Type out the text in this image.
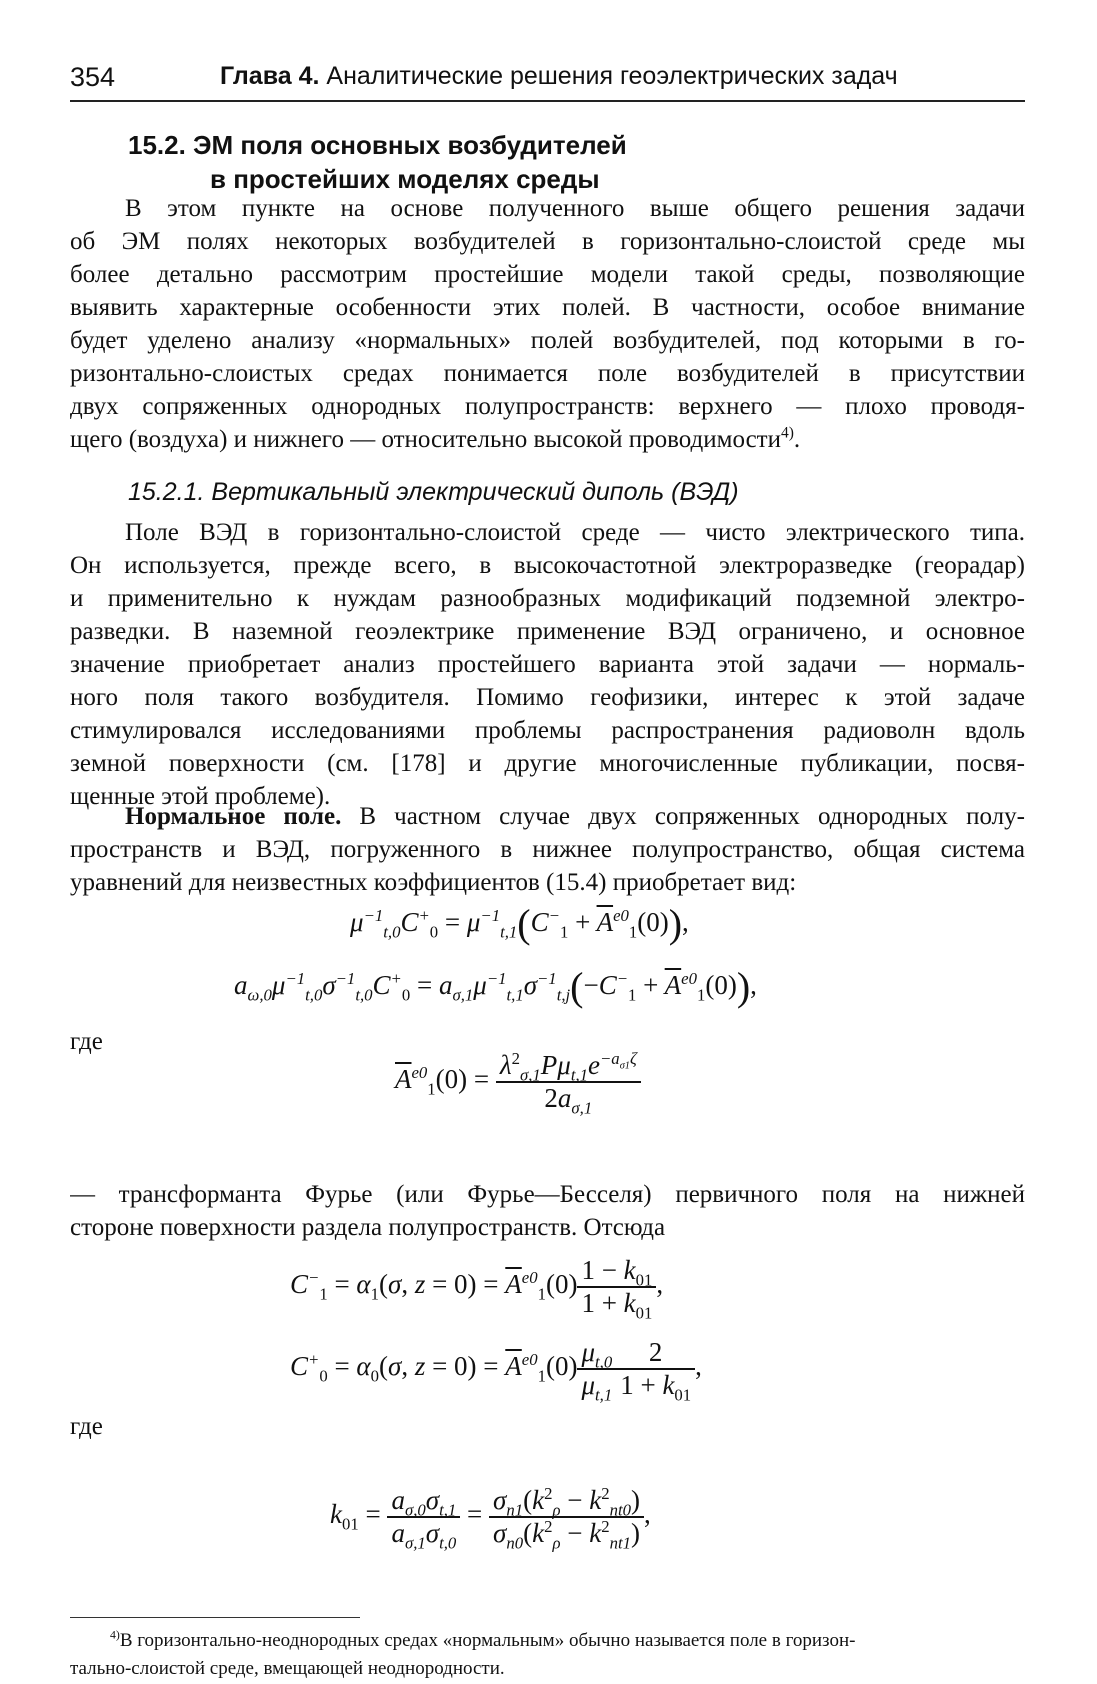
354	Глава 4. Аналитические решения геоэлектрических задач
15.2. ЭМ поля основных возбудителей
в простейших моделях среды
В этом пункте на основе полученного выше общего решения задачи
об ЭМ полях некоторых возбудителей в горизонтально-слоистой среде мы
более детально рассмотрим простейшие модели такой среды, позволяющие
выявить характерные особенности этих полей. В частности, особое внимание
будет уделено анализу «нормальных» полей возбудителей, под которыми в го-
ризонтально-слоистых средах понимается поле возбудителей в присутствии
двух сопряженных однородных полупространств: верхнего — плохо проводя-
щего (воздуха) и нижнего — относительно высокой проводимости$^{4)}$.
15.2.1. Вертикальный электрический диполь (ВЭД)
Поле ВЭД в горизонтально-слоистой среде — чисто электрического типа.
Он используется, прежде всего, в высокочастотной электроразведке (георадар)
и применительно к нуждам разнообразных модификаций подземной электро-
разведки. В наземной геоэлектрике применение ВЭД ограничено, и основное
значение приобретает анализ простейшего варианта этой задачи — нормаль-
ного поля такого возбудителя. Помимо геофизики, интерес к этой задаче
стимулировался исследованиями проблемы распространения радиоволн вдоль
земной поверхности (см. [178] и другие многочисленные публикации, посвя-
щенные этой проблеме).
Нормальное поле. В частном случае двух сопряженных однородных полу-
пространств и ВЭД, погруженного в нижнее полупространство, общая система
уравнений для неизвестных коэффициентов (15.4) приобретает вид:
$\mu^{-1}_{t,0}C^+_0 = \mu^{-1}_{t,1}(C^-_1 + \overline{A}^{e0}_1(0))$,
$a_{\omega,0}\mu^{-1}_{t,0}\sigma^{-1}_{t,0}C^+_0 = a_{\sigma,1}\mu^{-1}_{t,1}\sigma^{-1}_{t,j}(-C^-_1 + \overline{A}^{e0}_1(0))$,
где
$\overline{A}^{e0}_1(0) = \frac{\lambda^2_{\sigma,1}P\mu_{t,1}e^{-a_{\sigma 1}\zeta}}{2a_{\sigma,1}}$
— трансформанта Фурье (или Фурье—Бесселя) первичного поля на нижней
стороне поверхности раздела полупространств. Отсюда
$C^-_1 = \alpha_1(\sigma$, $z = 0) = \overline{A}^{e0}_1(0) \frac{1 - k_{01}}{1 + k_{01}}$ ,
$C^+_0 = \alpha_0(\sigma$, $z = 0) = \overline{A}^{e0}_1(0) \frac{\mu_{t,0}}{\mu_{t,1}} \frac{2}{1 + k_{01}}$ ,
где
$k_{01} = \frac{a_{\sigma,0}\sigma_{t,1}}{a_{\sigma,1}\sigma_{t,0}} = \frac{\sigma_{n1}(k^2_\rho - k^2_{nt0})}{\sigma_{n0}(k^2_\rho - k^2_{nt1})}$ ,
$^{4)}$В горизонтально-неоднородных средах «нормальным» обычно называется поле в горизон-
тально-слоистой среде, вмещающей неоднородности.
